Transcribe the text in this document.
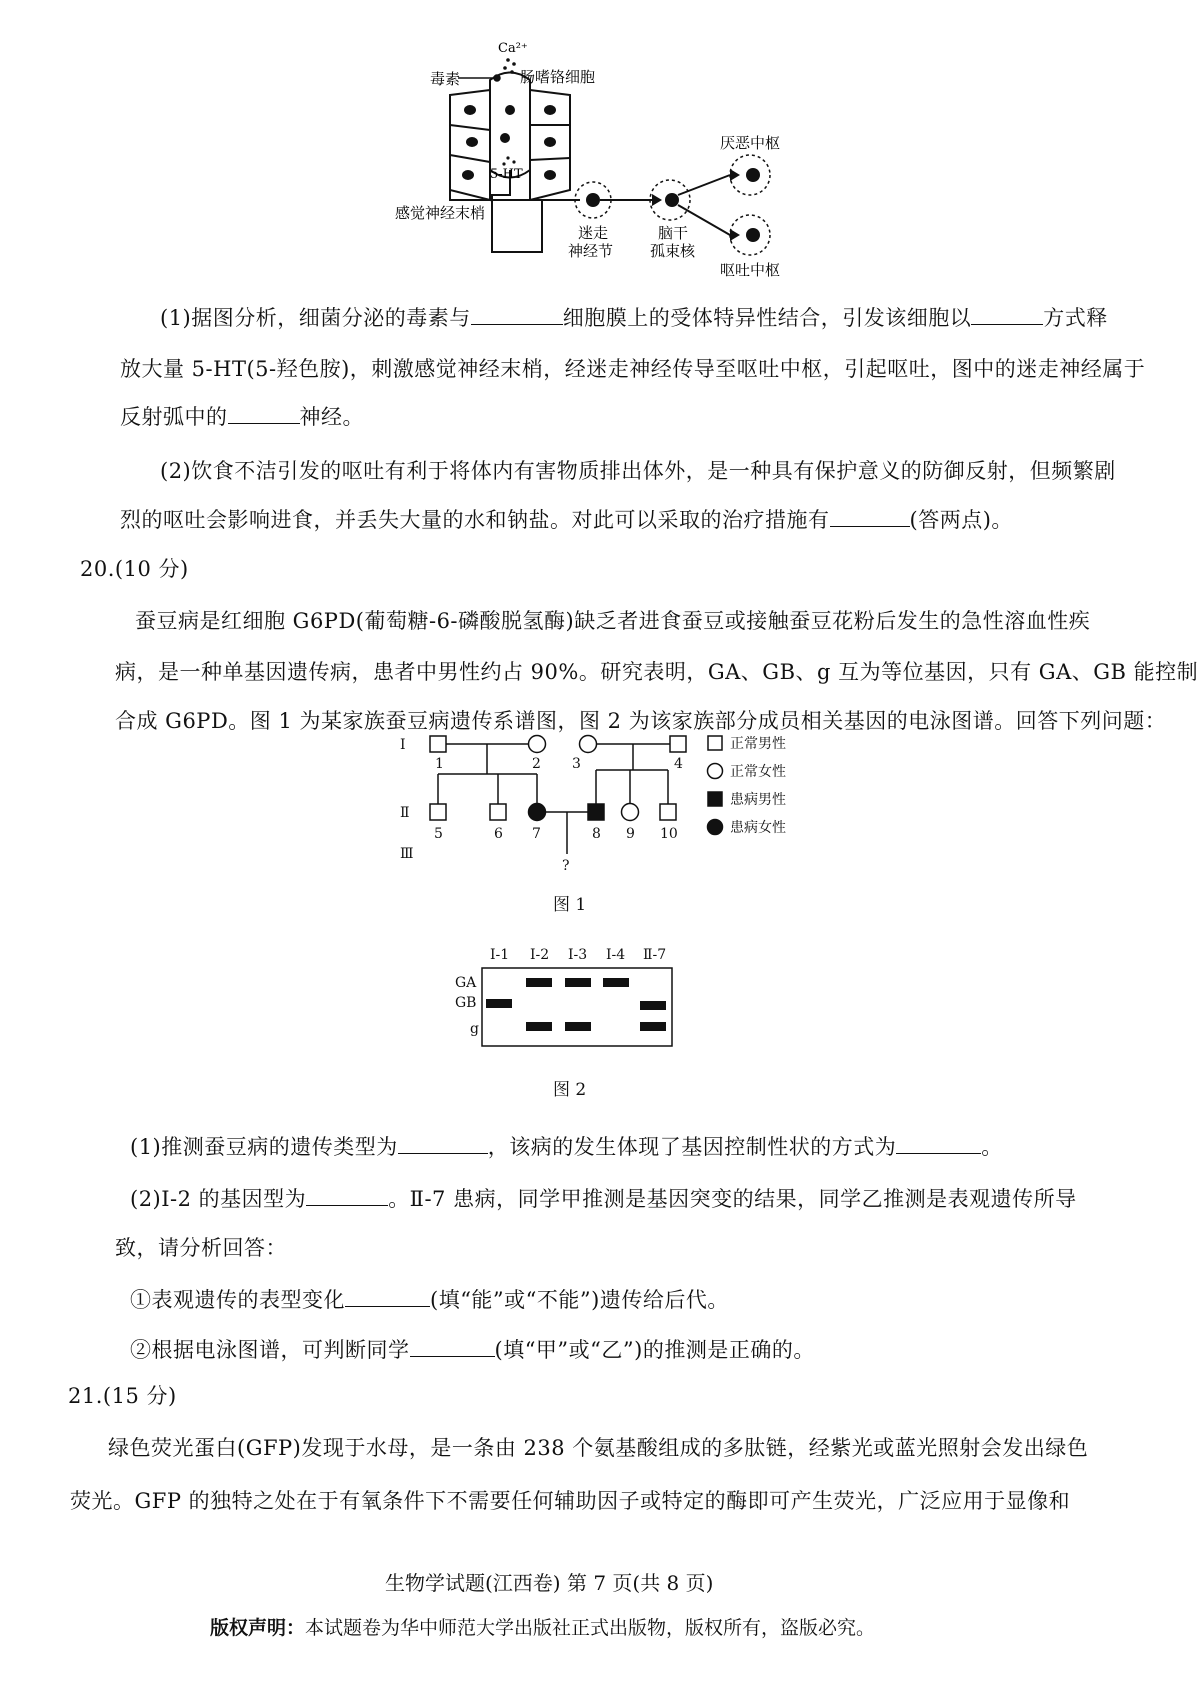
Ca²⁺
毒素	肠嗜铬细胞
5-HT
感觉神经末梢
迷走
神经节
脑干
孤束核
厌恶中枢
呕吐中枢
(1)据图分析，细菌分泌的毒素与	细胞膜上的受体特异性结合，引发该细胞以	方式释
放大量 5-HT(5-羟色胺)，刺激感觉神经末梢，经迷走神经传导至呕吐中枢，引起呕吐，图中的迷走神经属于
反射弧中的	神经。
(2)饮食不洁引发的呕吐有利于将体内有害物质排出体外，是一种具有保护意义的防御反射，但频繁剧
烈的呕吐会影响进食，并丢失大量的水和钠盐。对此可以采取的治疗措施有	(答两点)。
20.(10 分)
蚕豆病是红细胞 G6PD(葡萄糖-6-磷酸脱氢酶)缺乏者进食蚕豆或接触蚕豆花粉后发生的急性溶血性疾
病，是一种单基因遗传病，患者中男性约占 90%。研究表明，GA、GB、g 互为等位基因，只有 GA、GB 能控制
合成 G6PD。图 1 为某家族蚕豆病遗传系谱图，图 2 为该家族部分成员相关基因的电泳图谱。回答下列问题：
Ⅰ
Ⅱ
Ⅲ
1	2 3	4
5	6 7	8 9 10
?
正常男性
正常女性
患病男性
患病女性
图 1
Ⅰ-1 Ⅰ-2 Ⅰ-3 Ⅰ-4 Ⅱ-7
GA
GB
g
图 2
(1)推测蚕豆病的遗传类型为	，该病的发生体现了基因控制性状的方式为	。
(2)Ⅰ-2 的基因型为	。Ⅱ-7 患病，同学甲推测是基因突变的结果，同学乙推测是表观遗传所导
致，请分析回答：
①表观遗传的表型变化	(填“能”或“不能”)遗传给后代。
②根据电泳图谱，可判断同学	(填“甲”或“乙”)的推测是正确的。
21.(15 分)
绿色荧光蛋白(GFP)发现于水母，是一条由 238 个氨基酸组成的多肽链，经紫光或蓝光照射会发出绿色
荧光。GFP 的独特之处在于有氧条件下不需要任何辅助因子或特定的酶即可产生荧光，广泛应用于显像和
生物学试题(江西卷) 第 7 页(共 8 页)
版权声明：本试题卷为华中师范大学出版社正式出版物，版权所有，盗版必究。
